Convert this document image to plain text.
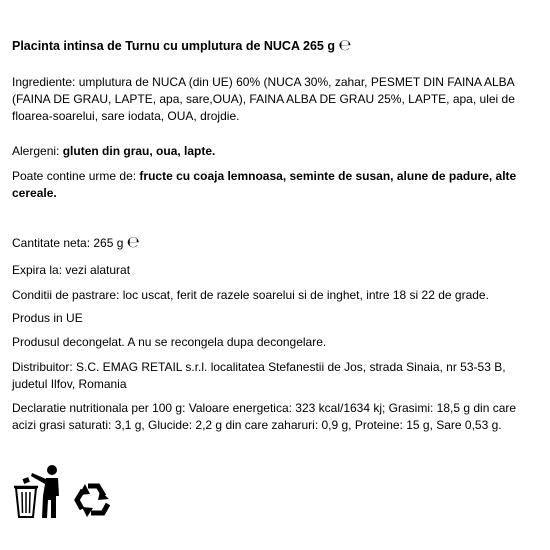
Placinta intinsa de Turnu cu umplutura de NUCA 265 g ℮

Ingrediente: umplutura de NUCA (din UE) 60% (NUCA 30%, zahar, PESMET DIN FAINA ALBA (FAINA DE GRAU, LAPTE, apa, sare,OUA), FAINA ALBA DE GRAU 25%, LAPTE, apa, ulei de floarea-soarelui, sare iodata, OUA, drojdie.

Alergeni: gluten din grau, oua, lapte.

Poate contine urme de: fructe cu coaja lemnoasa, seminte de susan, alune de padure, alte cereale.

Cantitate neta: 265 g ℮

Expira la: vezi alaturat

Conditii de pastrare: loc uscat, ferit de razele soarelui si de inghet, intre 18 si 22 de grade.

Produs in UE

Produsul decongelat. A nu se recongela dupa decongelare.

Distribuitor: S.C. EMAG RETAIL s.r.l. localitatea Stefanestii de Jos, strada Sinaia, nr 53-53 B, judetul Ilfov, Romania

Declaratie nutritionala per 100 g: Valoare energetica: 323 kcal/1634 kj; Grasimi: 18,5 g din care acizi grasi saturati: 3,1 g, Glucide: 2,2 g din care zaharuri: 0,9 g, Proteine: 15 g, Sare 0,53 g.
